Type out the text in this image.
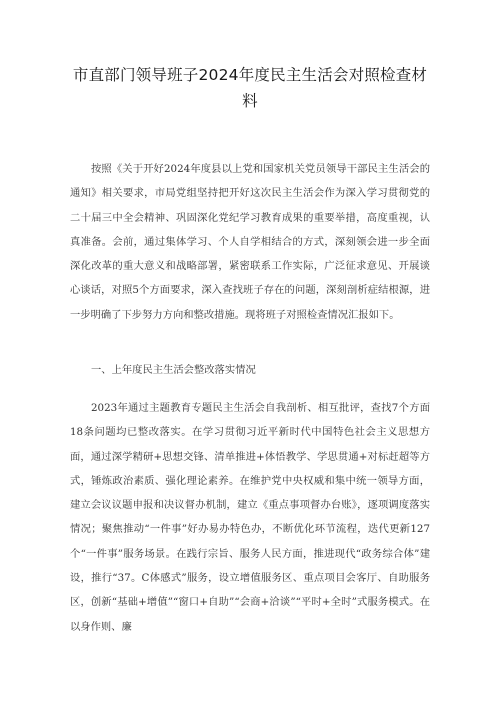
市直部门领导班子2024年度民主生活会对照检查材料
按照《关于开好2024年度县以上党和国家机关党员领导干部民主生活会的通知》相关要求，市局党组坚持把开好这次民主生活会作为深入学习贯彻党的二十届三中全会精神、巩固深化党纪学习教育成果的重要举措，高度重视，认真准备。会前，通过集体学习、个人自学相结合的方式，深刻领会进一步全面深化改革的重大意义和战略部署，紧密联系工作实际，广泛征求意见、开展谈心谈话，对照5个方面要求，深入查找班子存在的问题，深刻剖析症结根源，进一步明确了下步努力方向和整改措施。现将班子对照检查情况汇报如下。
一、上年度民主生活会整改落实情况
2023年通过主题教育专题民主生活会自我剖析、相互批评，查找7个方面18条问题均已整改落实。在学习贯彻习近平新时代中国特色社会主义思想方面，通过深学精研+思想交锋、清单推进+体悟教学、学思贯通+对标赶超等方式，锤炼政治素质、强化理论素养。在维护党中央权威和集中统一领导方面，建立会议议题申报和决议督办机制，建立《重点事项督办台账》，逐项调度落实情况；聚焦推动“一件事”好办易办特色办，不断优化环节流程，迭代更新127个“一件事”服务场景。在践行宗旨、服务人民方面，推进现代“政务综合体”建设，推行“37。C体感式”服务，设立增值服务区、重点项目会客厅、自助服务区，创新“基础+增值”“窗口+自助”“会商+洽谈”“平时+全时”式服务模式。在以身作则、廉
